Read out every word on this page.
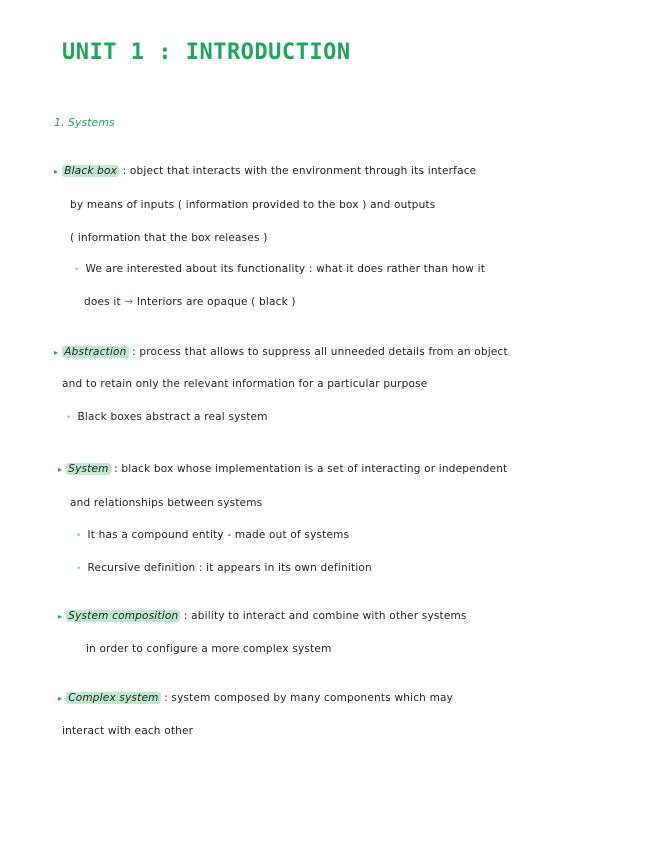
UNIT 1 : INTRODUCTION
1. Systems
▸ Black box : object that interacts with the environment through its interface
by means of inputs ( information provided to the box ) and outputs
( information that the box releases )
• We are interested about its functionality : what it does rather than how it
does it → Interiors are opaque ( black )
▸ Abstraction : process that allows to suppress all unneeded details from an object
and to retain only the relevant information for a particular purpose
• Black boxes abstract a real system
▸ System : black box whose implementation is a set of interacting or independent
and relationships between systems
• It has a compound entity - made out of systems
• Recursive definition : it appears in its own definition
▸ System composition : ability to interact and combine with other systems
in order to configure a more complex system
▸ Complex system : system composed by many components which may
interact with each other
